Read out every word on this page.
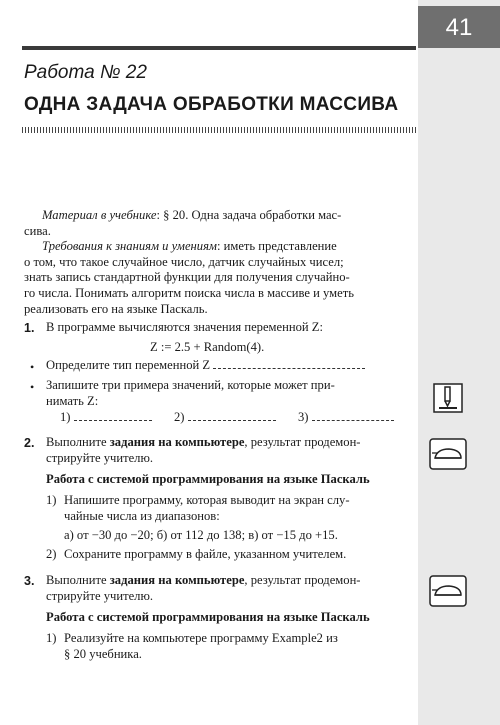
41
Работа № 22
ОДНА ЗАДАЧА ОБРАБОТКИ МАССИВА

Материал в учебнике: § 20. Одна задача обработки мас-
сива.

Требования к знаниям и умениям: иметь представление

о том, что такое случайное число, датчик случайных чисел;
знать запись стандартной функции для получения случайно-
го числа. Понимать алгоритм поиска числа в массиве и уметь
реализовать его на языке Паскаль.
1. В программе вычисляются значения переменной Z:
Z := 2.5 + Random(4).
• Определите тип переменной Z
• Запишите три примера значений, которые может при-
нимать Z:
1)	2)	3)
2. Выполните задания на компьютере, результат продемон-
стрируйте учителю.
Работа с системой программирования на языке Паскаль
1) Напишите программу, которая выводит на экран слу-
чайные числа из диапазонов:
а) от −30 до −20; б) от 112 до 138; в) от −15 до +15.
2) Сохраните программу в файле, указанном учителем.
3. Выполните задания на компьютере, результат продемон-
стрируйте учителю.
Работа с системой программирования на языке Паскаль
1) Реализуйте на компьютере программу Example2 из
§ 20 учебника.
